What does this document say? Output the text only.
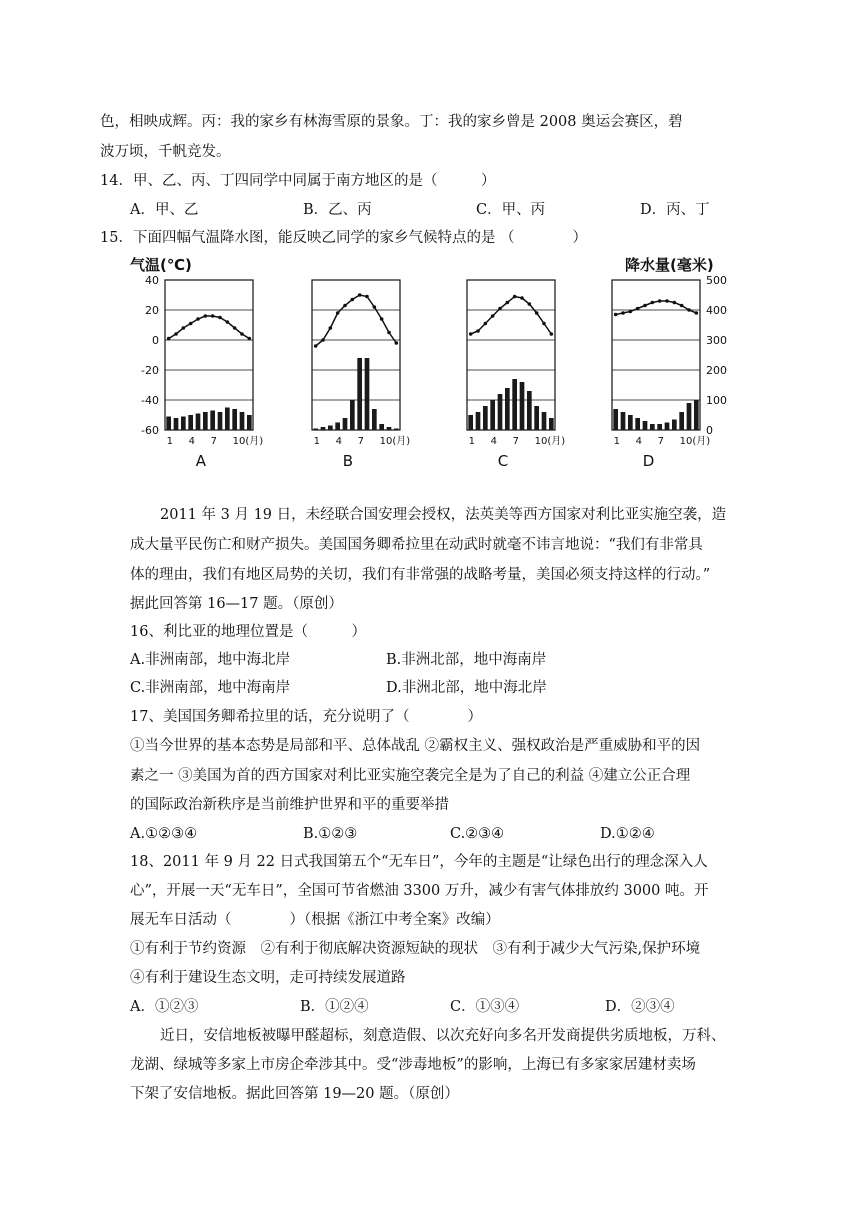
色，相映成辉。丙：我的家乡有林海雪原的景象。丁：我的家乡曾是 2008 奥运会赛区，碧
波万顷，千帆竞发。
14．甲、乙、丙、丁四同学中同属于南方地区的是（　　　）
A．甲、乙	B．乙、丙	C．甲、丙	D．丙、丁
15．下面四幅气温降水图，能反映乙同学的家乡气候特点的是 （　　　　）
气温(℃)	降水量(毫米)
40
20
0
-20
-40
-60
500
400
300
200
100
0
1 4 7 10(月)
A
1 4 7 10(月)
B
1 4 7 10(月)
C
1 4 7 10(月)
D
2011 年 3 月 19 日，未经联合国安理会授权，法英美等西方国家对利比亚实施空袭，造
成大量平民伤亡和财产损失。美国国务卿希拉里在动武时就毫不讳言地说：“我们有非常具
体的理由，我们有地区局势的关切，我们有非常强的战略考量，美国必须支持这样的行动。”
据此回答第 16—17 题。（原创）
16、利比亚的地理位置是（　　　）
A.非洲南部，地中海北岸	B.非洲北部，地中海南岸
C.非洲南部，地中海南岸	D.非洲北部，地中海北岸
17、美国国务卿希拉里的话，充分说明了（　　　　）
①当今世界的基本态势是局部和平、总体战乱 ②霸权主义、强权政治是严重威胁和平的因
素之一 ③美国为首的西方国家对利比亚实施空袭完全是为了自己的利益 ④建立公正合理
的国际政治新秩序是当前维护世界和平的重要举措
A.①②③④	B.①②③	C.②③④	D.①②④
18、2011 年 9 月 22 日式我国第五个“无车日”，今年的主题是“让绿色出行的理念深入人
心”，开展一天“无车日”，全国可节省燃油 3300 万升，减少有害气体排放约 3000 吨。开
展无车日活动（　　　　）（根据《浙江中考全案》改编）
①有利于节约资源　②有利于彻底解决资源短缺的现状　③有利于减少大气污染,保护环境
④有利于建设生态文明，走可持续发展道路
A．①②③	B．①②④	C．①③④	D．②③④
近日，安信地板被曝甲醛超标，刻意造假、以次充好向多名开发商提供劣质地板，万科、
龙湖、绿城等多家上市房企牵涉其中。受“涉毒地板”的影响，上海已有多家家居建材卖场
下架了安信地板。据此回答第 19—20 题。（原创）
